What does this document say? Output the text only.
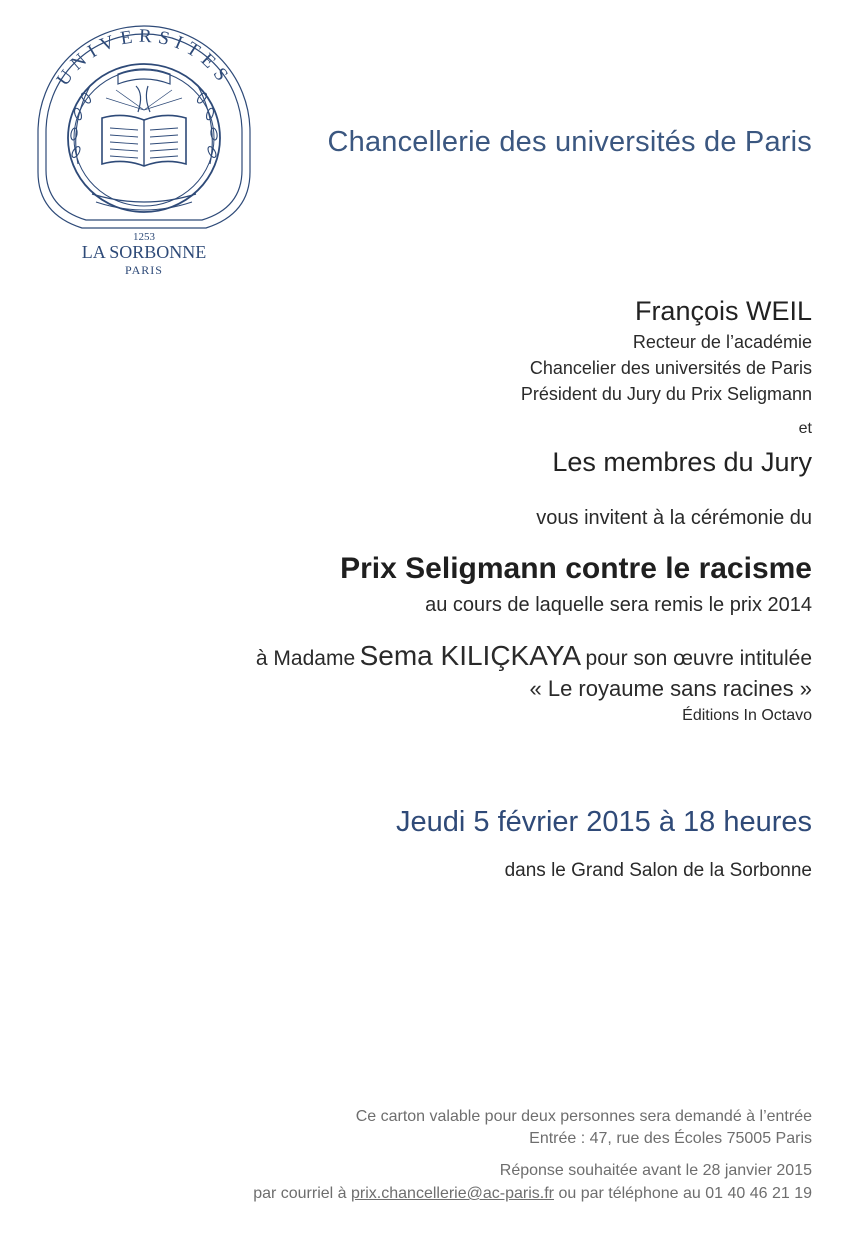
UNIVERSITES
1253
LA SORBONNE
PARIS
Chancellerie des universités de Paris
François WEIL
Recteur de l’académie
Chancelier des universités de Paris
Président du Jury du Prix Seligmann
et
Les membres du Jury
vous invitent à la cérémonie du
Prix Seligmann contre le racisme
au cours de laquelle sera remis le prix 2014
à Madame Sema KILIÇKAYA pour son œuvre intitulée
« Le royaume sans racines »
Éditions In Octavo
Jeudi 5 février 2015 à 18 heures
dans le Grand Salon de la Sorbonne
Ce carton valable pour deux personnes sera demandé à l’entrée
Entrée : 47, rue des Écoles 75005 Paris
Réponse souhaitée avant le 28 janvier 2015
par courriel à prix.chancellerie@ac-paris.fr ou par téléphone au 01 40 46 21 19
